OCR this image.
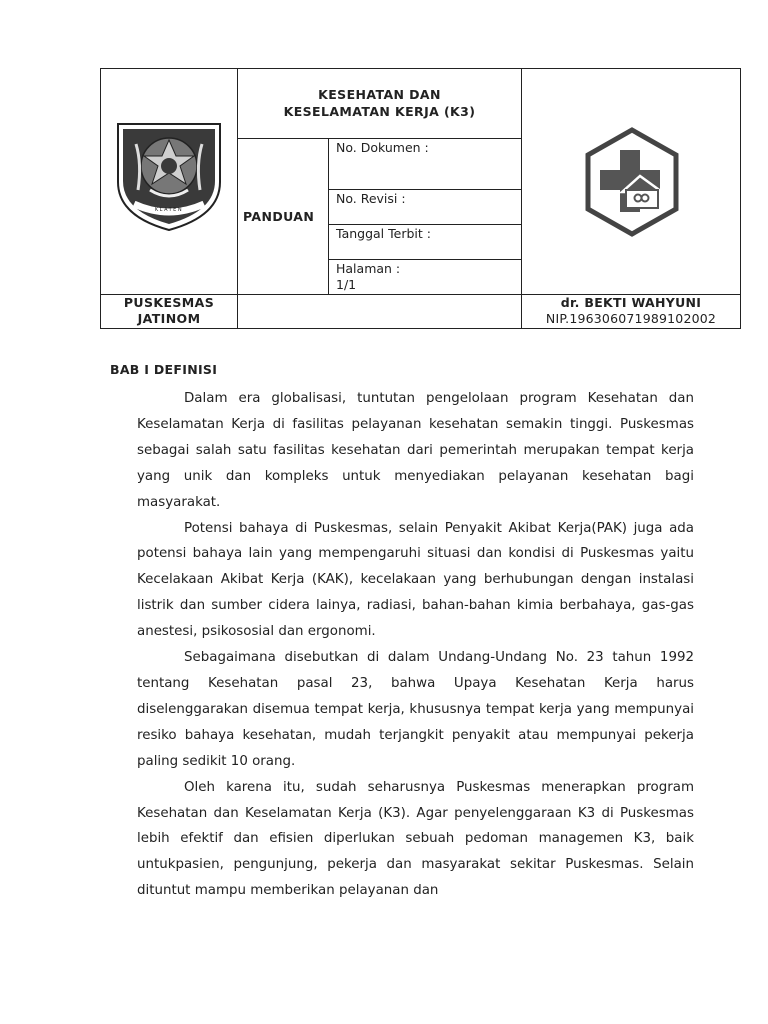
KESEHATAN DAN
KESELAMATAN KERJA (K3)
PANDUAN
No. Dokumen :
No. Revisi :
Tanggal Terbit :
Halaman :
1/1
PUSKESMAS
JATINOM
dr. BEKTI WAHYUNI
NIP.196306071989102002
KLATEN
BAB I DEFINISI

Dalam era globalisasi, tuntutan pengelolaan program Kesehatan dan Keselamatan Kerja di fasilitas pelayanan kesehatan semakin tinggi. Puskesmas sebagai salah satu fasilitas kesehatan dari pemerintah merupakan tempat kerja yang unik dan kompleks untuk menyediakan pelayanan kesehatan bagi masyarakat.

Potensi bahaya di Puskesmas, selain Penyakit Akibat Kerja(PAK) juga ada potensi bahaya lain yang mempengaruhi situasi dan kondisi di Puskesmas yaitu Kecelakaan Akibat Kerja (KAK), kecelakaan yang berhubungan dengan instalasi listrik dan sumber cidera lainya, radiasi, bahan-bahan kimia berbahaya, gas-gas anestesi, psikososial dan ergonomi.

Sebagaimana disebutkan di dalam Undang-Undang No. 23 tahun 1992 tentang Kesehatan pasal 23, bahwa Upaya Kesehatan Kerja harus diselenggarakan disemua tempat kerja, khususnya tempat kerja yang mempunyai resiko bahaya kesehatan, mudah terjangkit penyakit atau mempunyai pekerja paling sedikit 10 orang.

Oleh karena itu, sudah seharusnya Puskesmas menerapkan program Kesehatan dan Keselamatan Kerja (K3). Agar penyelenggaraan K3 di Puskesmas lebih efektif dan efisien diperlukan sebuah pedoman managemen K3, baik untukpasien, pengunjung, pekerja dan masyarakat sekitar Puskesmas. Selain dituntut mampu memberikan pelayanan dan
